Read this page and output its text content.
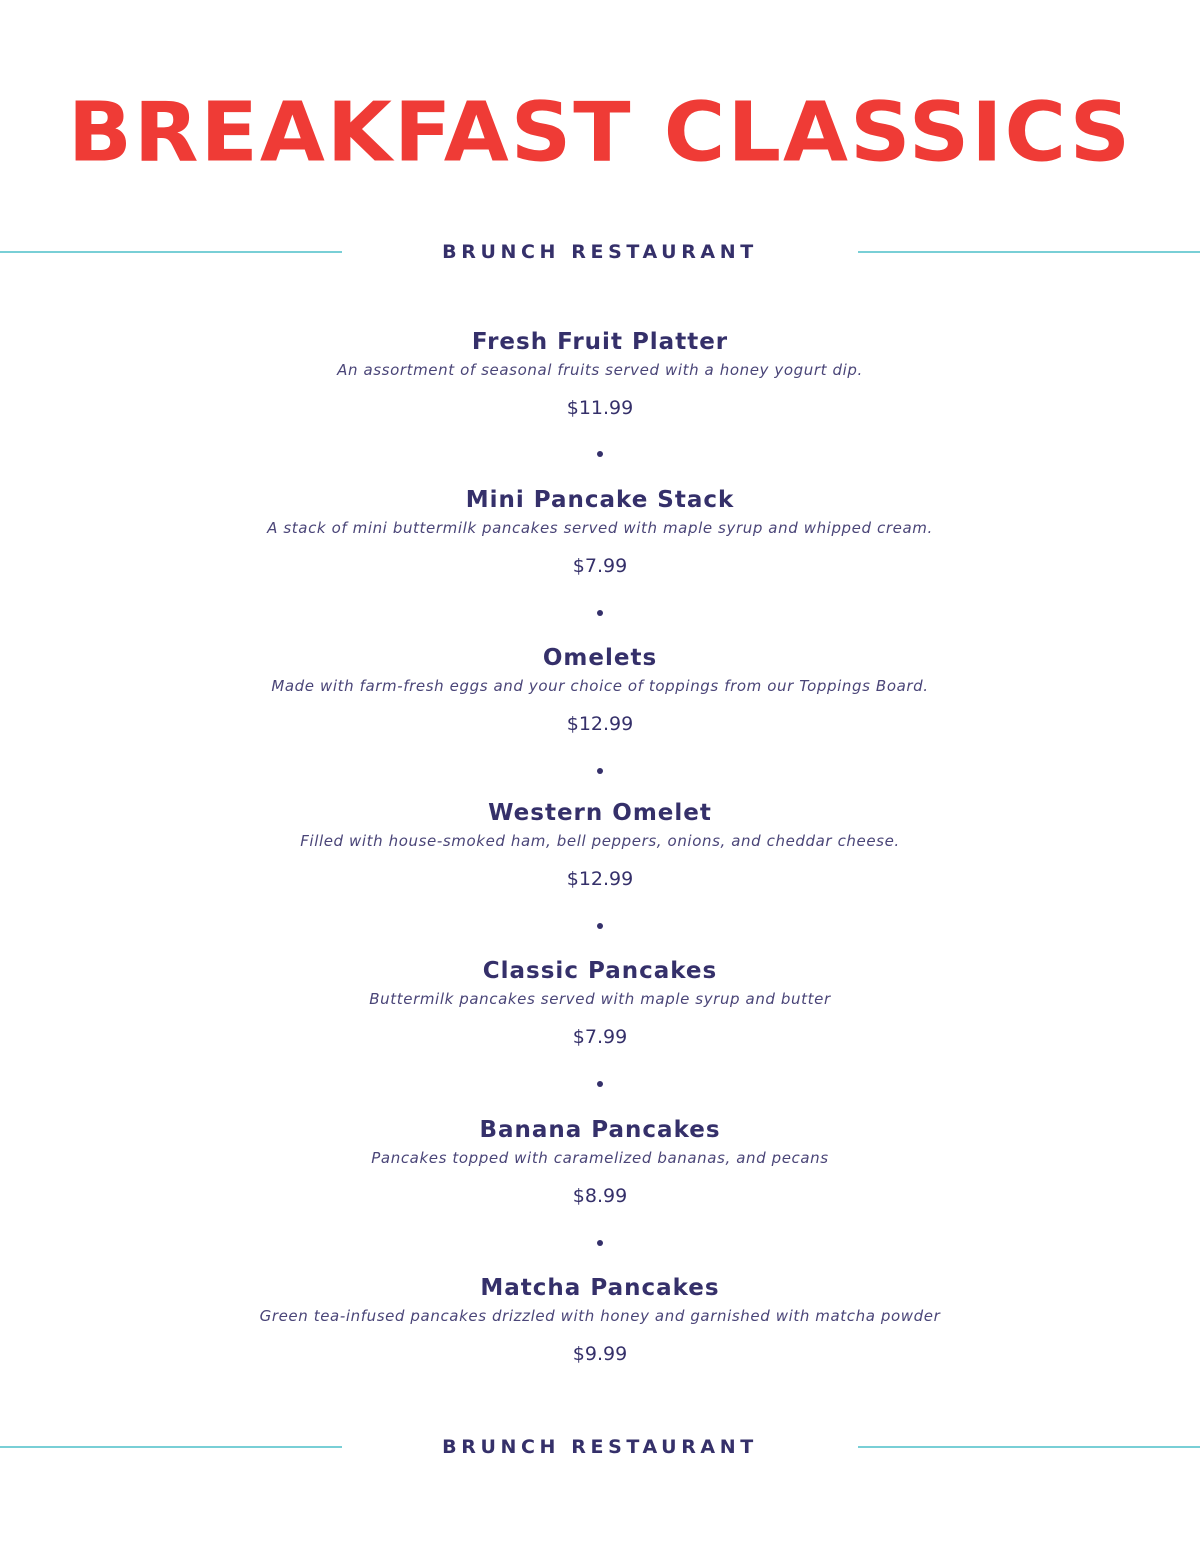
BREAKFAST CLASSICS
BRUNCH RESTAURANT
Fresh Fruit Platter
An assortment of seasonal fruits served with a honey yogurt dip.
$11.99
Mini Pancake Stack
A stack of mini buttermilk pancakes served with maple syrup and whipped cream.
$7.99
Omelets
Made with farm-fresh eggs and your choice of toppings from our Toppings Board.
$12.99
Western Omelet
Filled with house-smoked ham, bell peppers, onions, and cheddar cheese.
$12.99
Classic Pancakes
Buttermilk pancakes served with maple syrup and butter
$7.99
Banana Pancakes
Pancakes topped with caramelized bananas, and pecans
$8.99
Matcha Pancakes
Green tea-infused pancakes drizzled with honey and garnished with matcha powder
$9.99
BRUNCH RESTAURANT
